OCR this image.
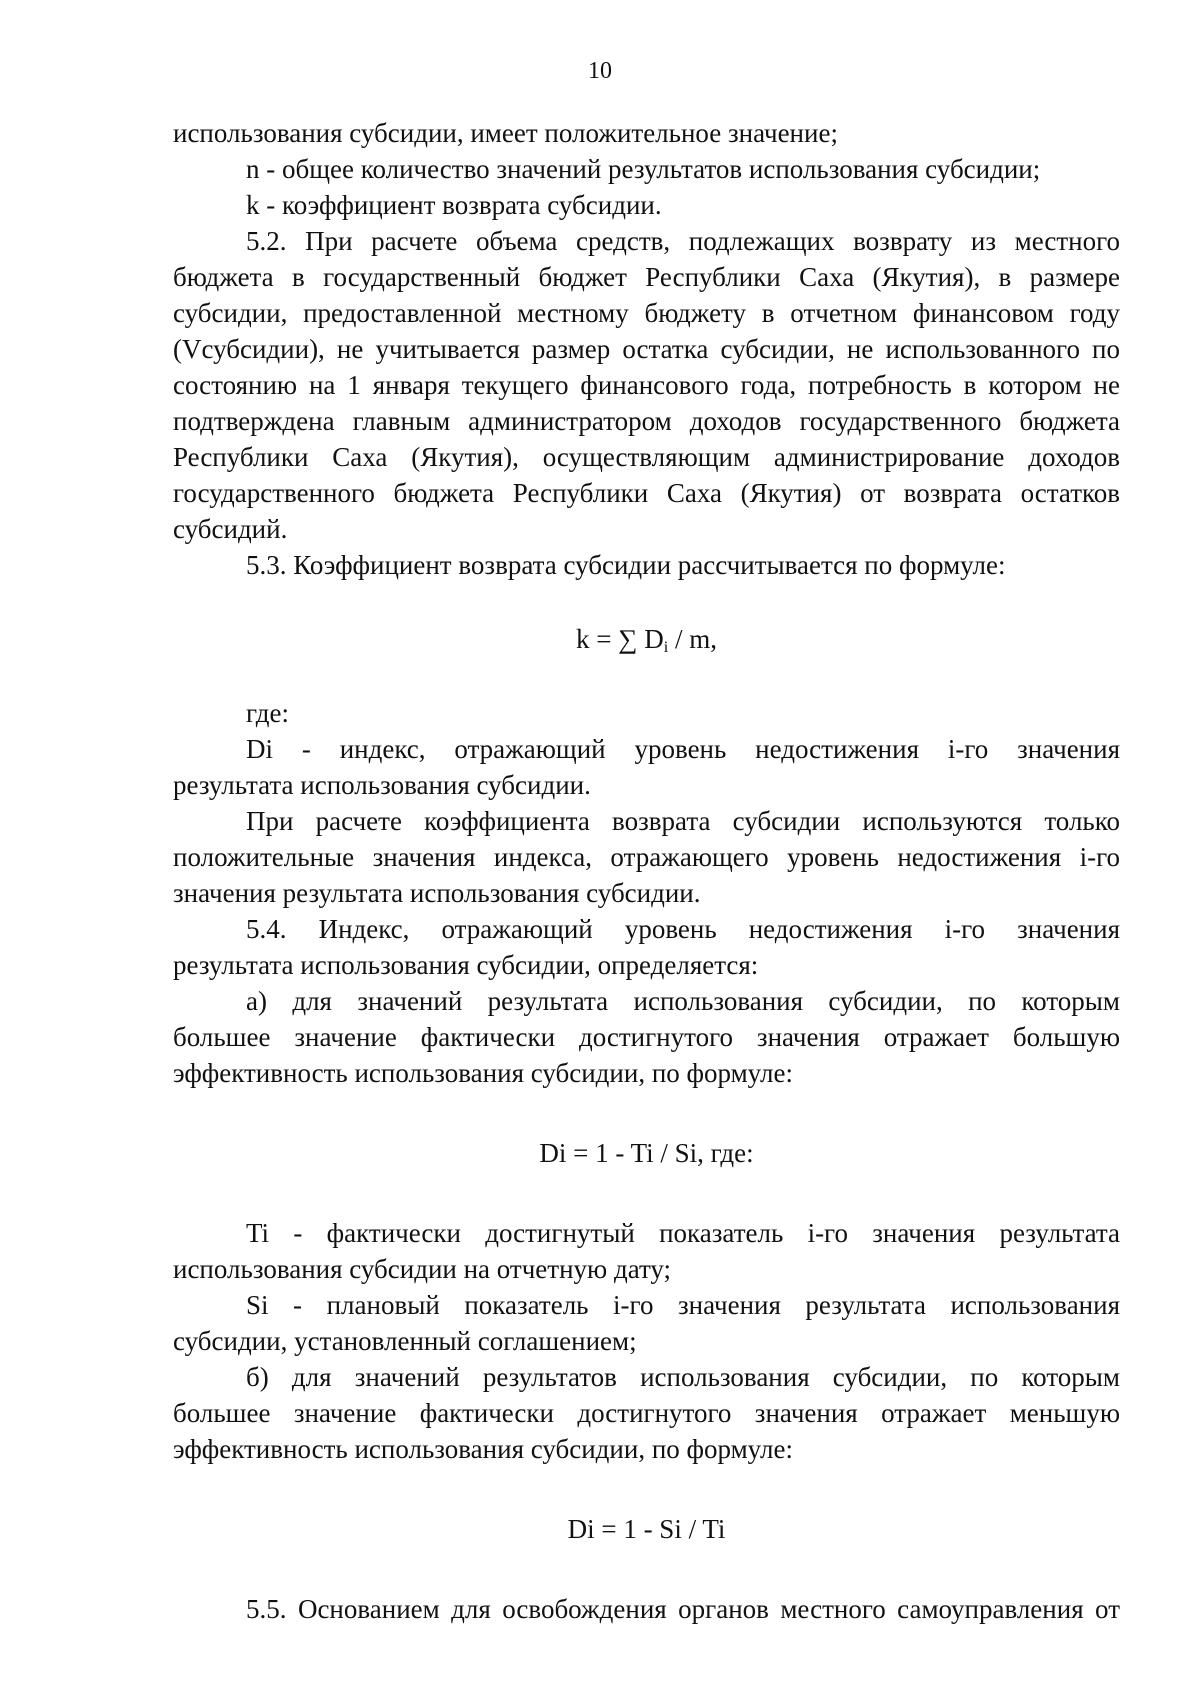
10
использования субсидии, имеет положительное значение;
n - общее количество значений результатов использования субсидии;
k - коэффициент возврата субсидии.
5.2. При расчете объема средств, подлежащих возврату из местного
бюджета в государственный бюджет Республики Саха (Якутия), в размере
субсидии, предоставленной местному бюджету в отчетном финансовом году
(Vсубсидии), не учитывается размер остатка субсидии, не использованного по
состоянию на 1 января текущего финансового года, потребность в котором не
подтверждена главным администратором доходов государственного бюджета
Республики Саха (Якутия), осуществляющим администрирование доходов
государственного бюджета Республики Саха (Якутия) от возврата остатков
субсидий.
5.3. Коэффициент возврата субсидии рассчитывается по формуле:
k = ∑ $D_i$ / m,
где:
Di - индекс, отражающий уровень недостижения i-го значения
результата использования субсидии.
При расчете коэффициента возврата субсидии используются только
положительные значения индекса, отражающего уровень недостижения i-го
значения результата использования субсидии.
5.4. Индекс, отражающий уровень недостижения i-го значения
результата использования субсидии, определяется:
а) для значений результата использования субсидии, по которым
большее значение фактически достигнутого значения отражает большую
эффективность использования субсидии, по формуле:
Di = 1 - Ti / Si, где:
Ti - фактически достигнутый показатель i-го значения результата
использования субсидии на отчетную дату;
Si - плановый показатель i-го значения результата использования
субсидии, установленный соглашением;
б) для значений результатов использования субсидии, по которым
большее значение фактически достигнутого значения отражает меньшую
эффективность использования субсидии, по формуле:
Di = 1 - Si / Ti
5.5. Основанием для освобождения органов местного самоуправления от
